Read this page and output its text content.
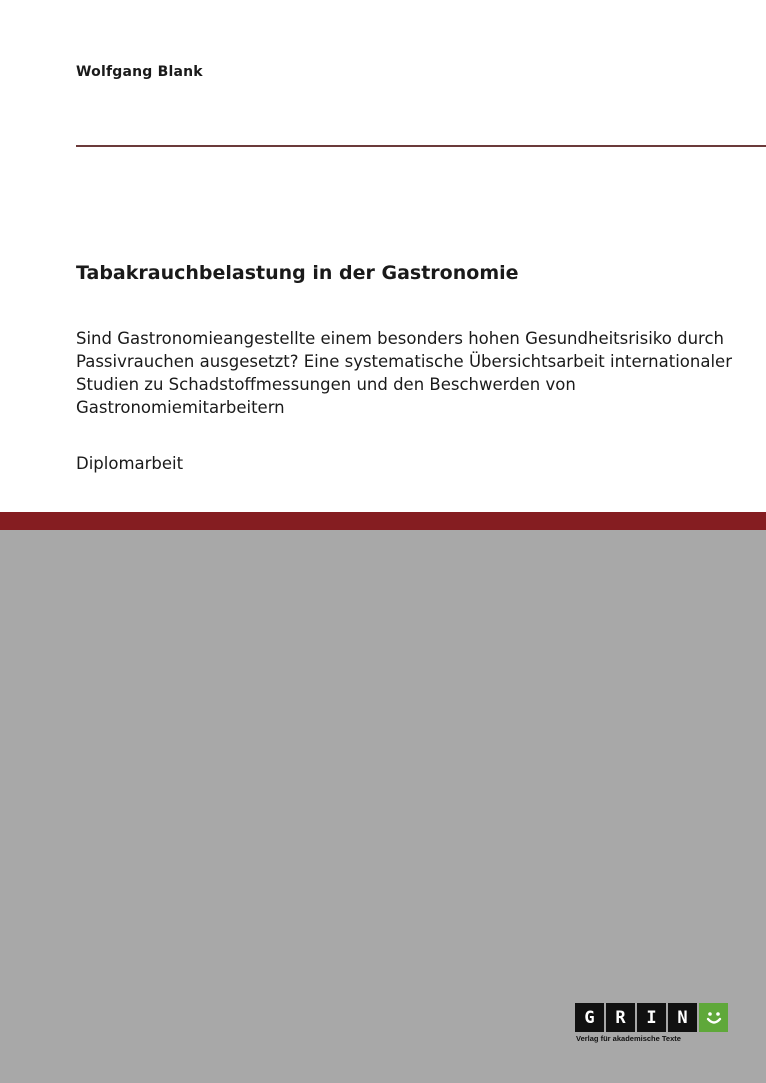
Wolfgang Blank
Tabakrauchbelastung in der Gastronomie

Sind Gastronomieangestellte einem besonders hohen Gesundheitsrisiko durch Passivrauchen ausgesetzt? Eine systematische Übersichtsarbeit internationaler Studien zu Schadstoffmessungen und den Beschwerden von Gastronomiemitarbeitern

Diplomarbeit
G	R	I	N
Verlag für akademische Texte
